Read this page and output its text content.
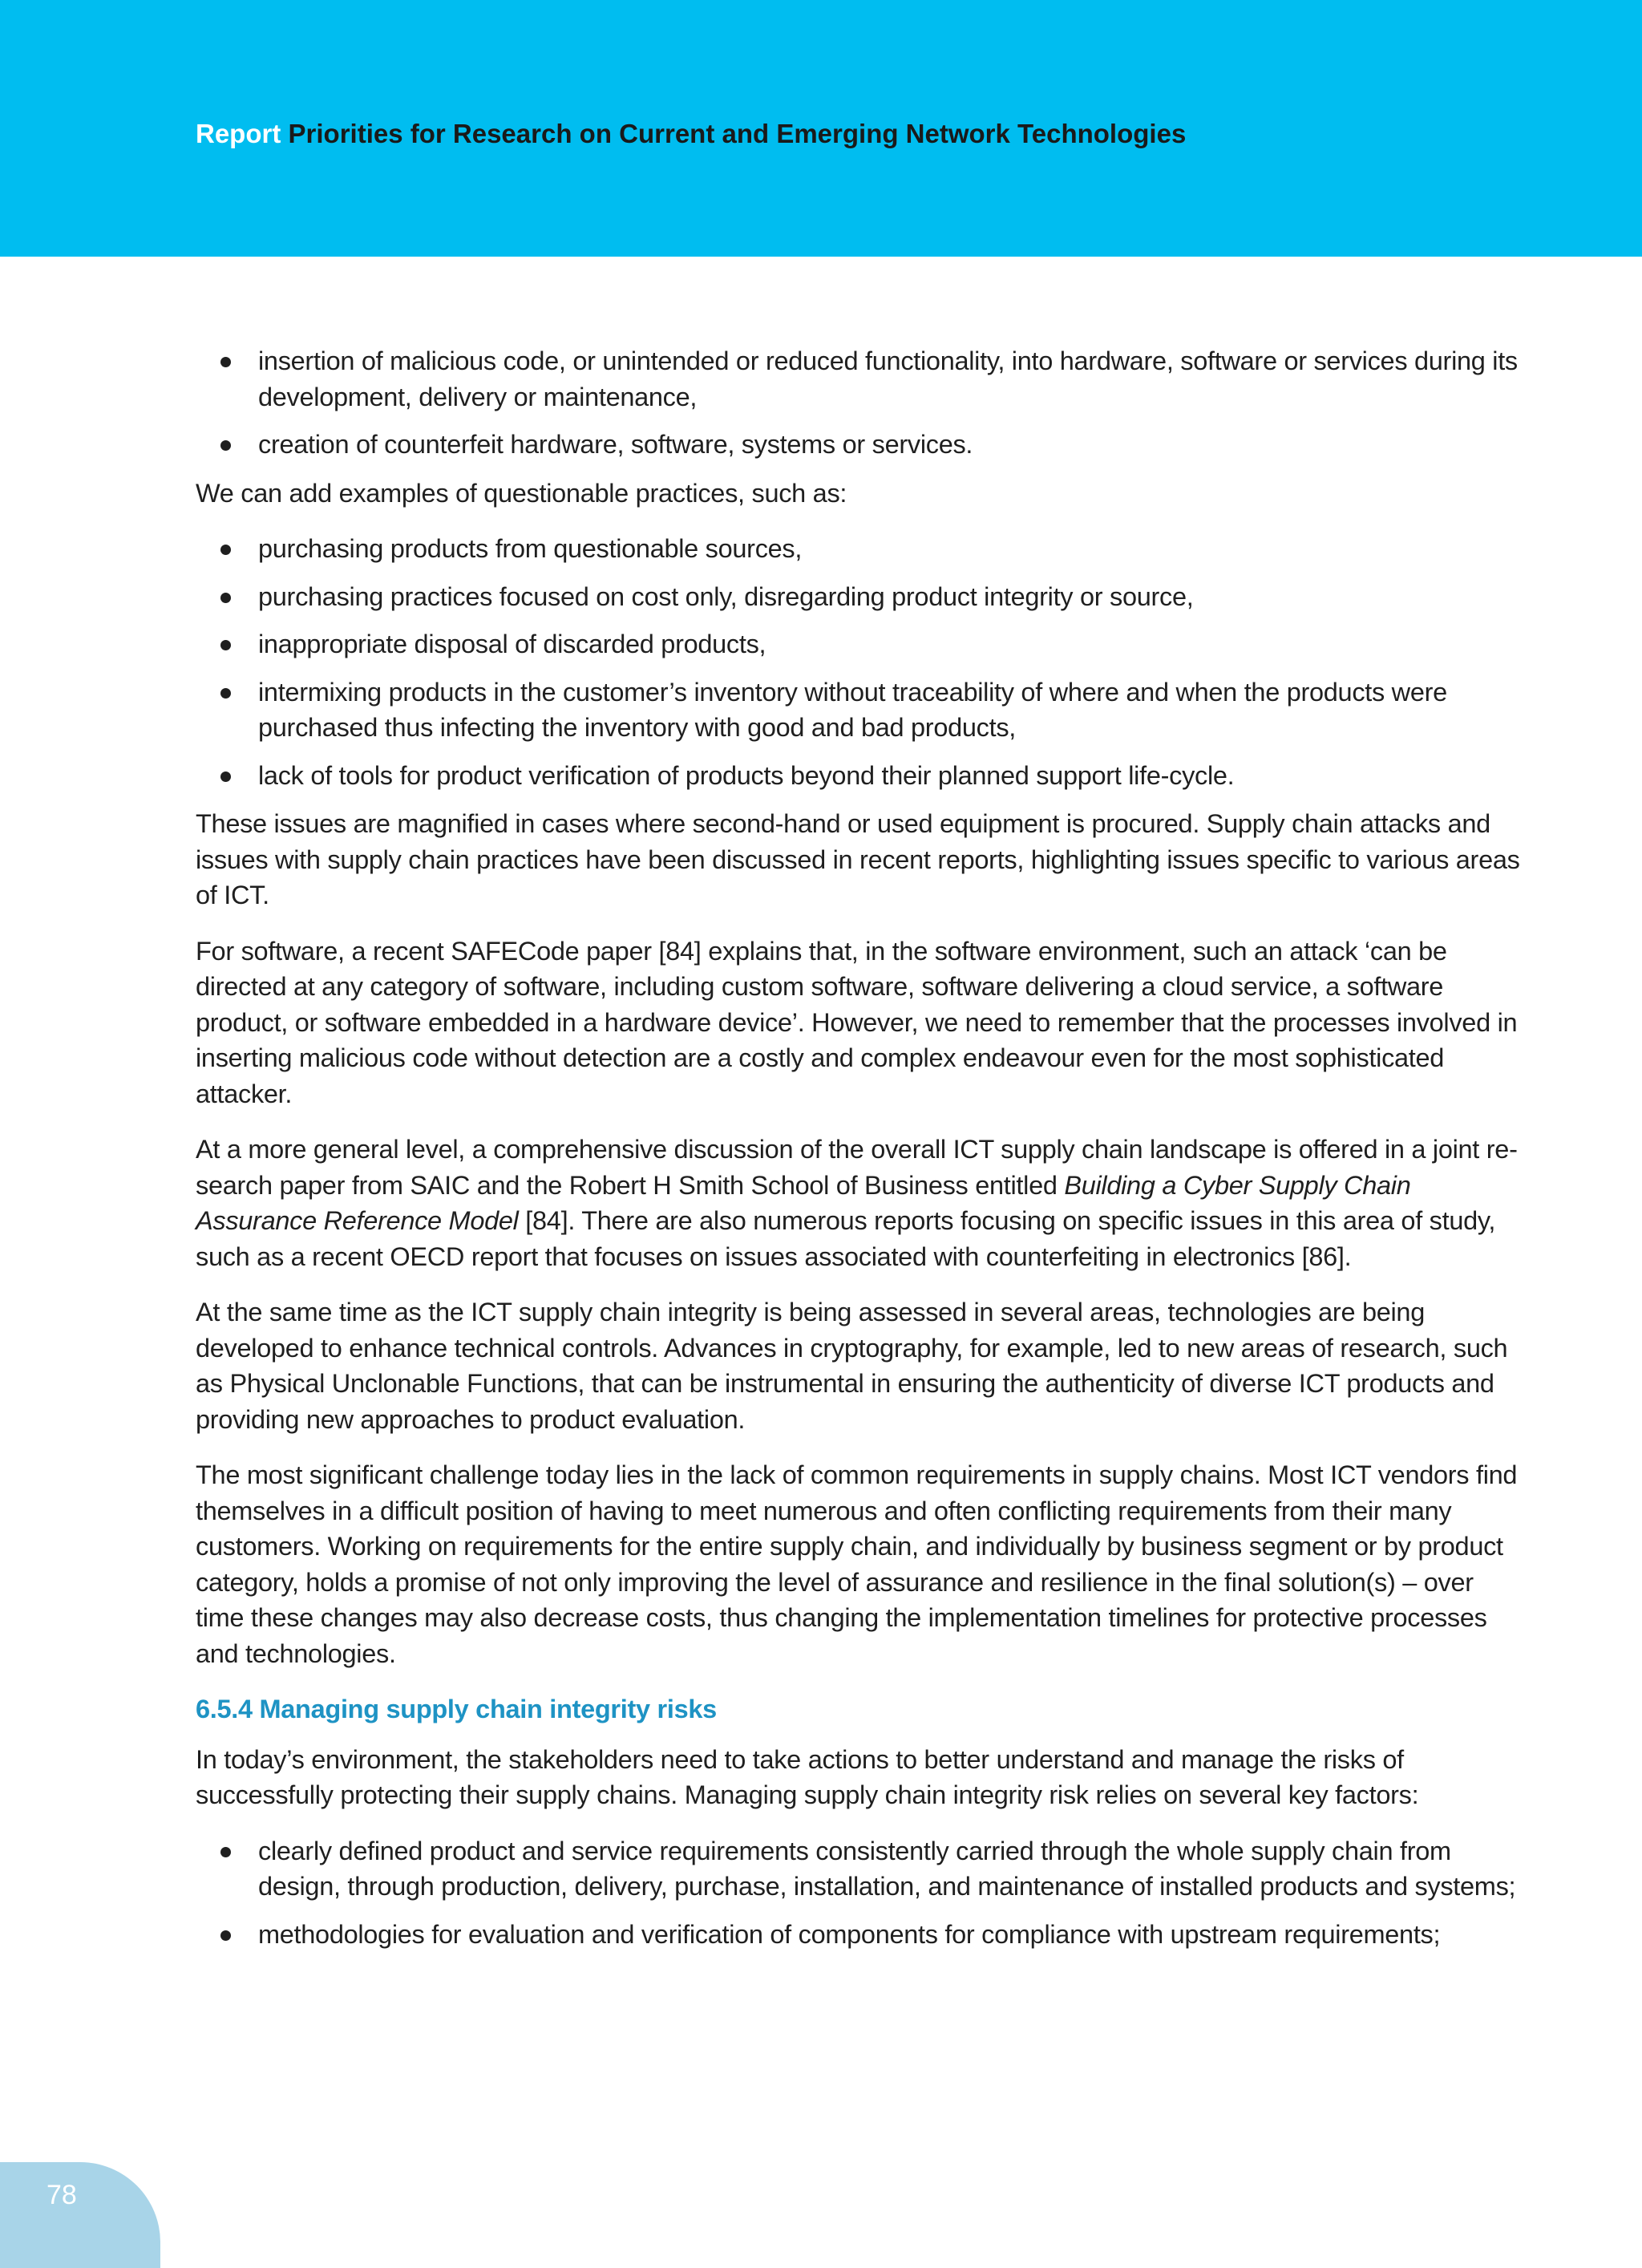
Report Priorities for Research on Current and Emerging Network Technologies
insertion of malicious code, or unintended or reduced functionality, into hardware, software or services during its development, delivery or maintenance,
creation of counterfeit hardware, software, systems or services.

We can add examples of questionable practices, such as:

purchasing products from questionable sources,
purchasing practices focused on cost only, disregarding product integrity or source,
inappropriate disposal of discarded products,
intermixing products in the customer’s inventory without traceability of where and when the products were purchased thus infecting the inventory with good and bad products,
lack of tools for product verification of products beyond their planned support life-cycle.

These issues are magnified in cases where second-hand or used equipment is procured. Supply chain attacks and issues with supply chain practices have been discussed in recent reports, highlighting issues specific to various areas of ICT.

For software, a recent SAFECode paper [84] explains that, in the software environment, such an attack ‘can be directed at any category of software, including custom software, software delivering a cloud service, a software product, or software embedded in a hardware device’. However, we need to remember that the processes involved in inserting malicious code without detection are a costly and complex endeavour even for the most sophisticated attacker.

At a more general level, a comprehensive discussion of the overall ICT supply chain landscape is offered in a joint re-search paper from SAIC and the Robert H Smith School of Business entitled Building a Cyber Supply Chain Assurance Reference Model [84]. There are also numerous reports focusing on specific issues in this area of study, such as a recent OECD report that focuses on issues associated with counterfeiting in electronics [86].

At the same time as the ICT supply chain integrity is being assessed in several areas, technologies are being developed to enhance technical controls. Advances in cryptography, for example, led to new areas of research, such as Physical Unclonable Functions, that can be instrumental in ensuring the authenticity of diverse ICT products and providing new approaches to product evaluation.

The most significant challenge today lies in the lack of common requirements in supply chains. Most ICT vendors find themselves in a difficult position of having to meet numerous and often conflicting requirements from their many customers. Working on requirements for the entire supply chain, and individually by business segment or by product category, holds a promise of not only improving the level of assurance and resilience in the final solution(s) – over time these changes may also decrease costs, thus changing the implementation timelines for protective processes and technologies.

6.5.4 Managing supply chain integrity risks

In today’s environment, the stakeholders need to take actions to better understand and manage the risks of successfully protecting their supply chains. Managing supply chain integrity risk relies on several key factors:

clearly defined product and service requirements consistently carried through the whole supply chain from design, through production, delivery, purchase, installation, and maintenance of installed products and systems;
methodologies for evaluation and verification of components for compliance with upstream requirements;
78
